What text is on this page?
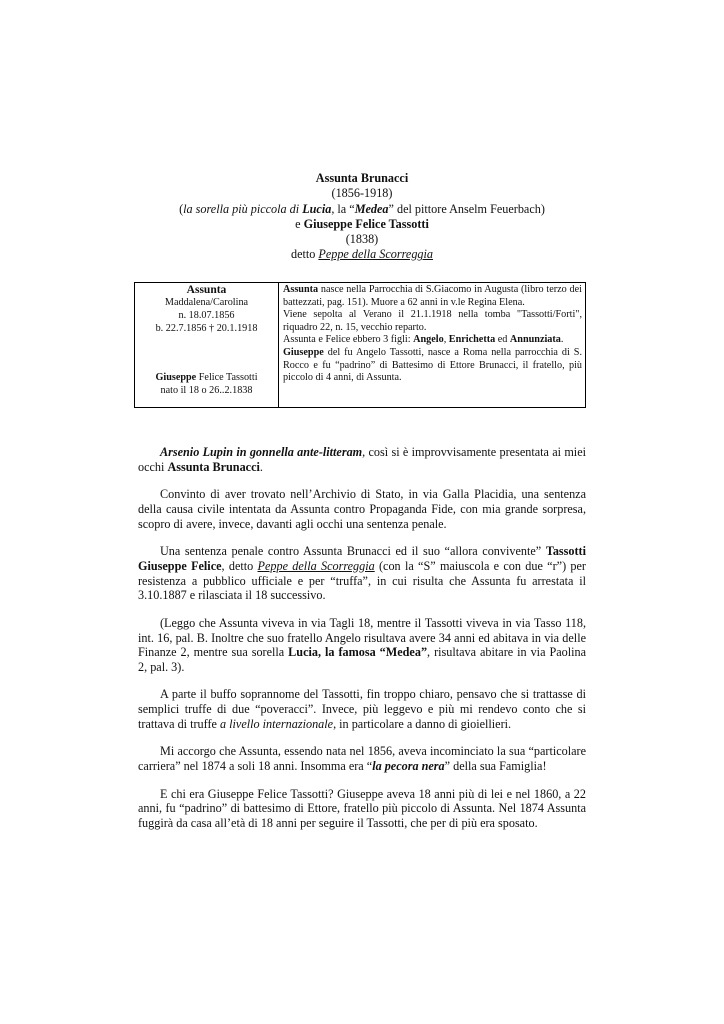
Assunta Brunacci
(1856-1918)
(la sorella più piccola di Lucia, la “Medea” del pittore Anselm Feuerbach)
e Giuseppe Felice Tassotti
(1838)
detto Peppe della Scorreggia
Assunta
Maddalena/Carolina
n. 18.07.1856
b. 22.7.1856 † 20.1.1918
Giuseppe Felice Tassotti
nato il 18 o 26..2.1838

Assunta nasce nella Parrocchia di S.Giacomo in Augusta (libro terzo dei battezzati, pag. 151). Muore a 62 anni in v.le Regina Elena.

Viene sepolta al Verano il 21.1.1918 nella tomba "Tassotti/Forti", riquadro 22, n. 15, vecchio reparto.

Assunta e Felice ebbero 3 figli: Angelo, Enrichetta ed Annunziata.

Giuseppe del fu Angelo Tassotti, nasce a Roma nella parrocchia di S. Rocco e fu “padrino” di Battesimo di Ettore Brunacci, il fratello, più piccolo di 4 anni, di Assunta.

Arsenio Lupin in gonnella ante-litteram, così si è improvvisamente presentata ai miei occhi Assunta Brunacci.

Convinto di aver trovato nell’Archivio di Stato, in via Galla Placidia, una sentenza della causa civile intentata da Assunta contro Propaganda Fide, con mia grande sorpresa, scopro di avere, invece, davanti agli occhi una sentenza penale.

Una sentenza penale contro Assunta Brunacci ed il suo “allora convivente” Tassotti Giuseppe Felice, detto Peppe della Scorreggia (con la “S” maiuscola e con due “r”) per resistenza a pubblico ufficiale e per “truffa”, in cui risulta che Assunta fu arrestata il 3.10.1887 e rilasciata il 18 successivo.

(Leggo che Assunta viveva in via Tagli 18, mentre il Tassotti viveva in via Tasso 118, int. 16, pal. B. Inoltre che suo fratello Angelo risultava avere 34 anni ed abitava in via delle Finanze 2, mentre sua sorella Lucia, la famosa “Medea”, risultava abitare in via Paolina 2, pal. 3).

A parte il buffo soprannome del Tassotti, fin troppo chiaro, pensavo che si trattasse di semplici truffe di due “poveracci”. Invece, più leggevo e più mi rendevo conto che si trattava di truffe a livello internazionale, in particolare a danno di gioiellieri.

Mi accorgo che Assunta, essendo nata nel 1856, aveva incominciato la sua “particolare carriera” nel 1874 a soli 18 anni. Insomma era “la pecora nera” della sua Famiglia!

E chi era Giuseppe Felice Tassotti? Giuseppe aveva 18 anni più di lei e nel 1860, a 22 anni, fu “padrino” di battesimo di Ettore, fratello più piccolo di Assunta. Nel 1874 Assunta fuggirà da casa all’età di 18 anni per seguire il Tassotti, che per di più era sposato.
